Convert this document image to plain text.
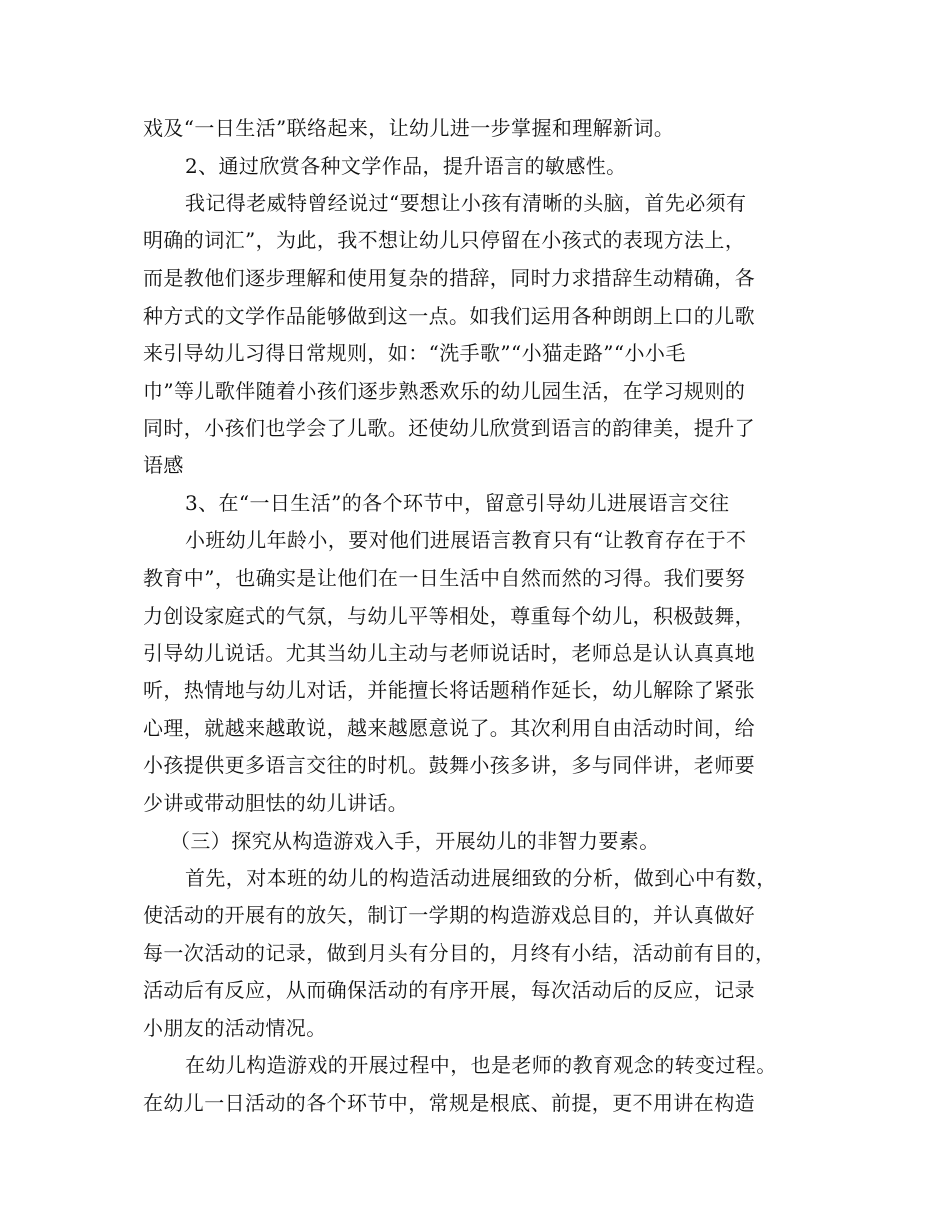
戏及“一日生活”联络起来，让幼儿进一步掌握和理解新词。
2、通过欣赏各种文学作品，提升语言的敏感性。
我记得老威特曾经说过“要想让小孩有清晰的头脑，首先必须有
明确的词汇”，为此，我不想让幼儿只停留在小孩式的表现方法上，
而是教他们逐步理解和使用复杂的措辞，同时力求措辞生动精确，各
种方式的文学作品能够做到这一点。如我们运用各种朗朗上口的儿歌
来引导幼儿习得日常规则，如：“洗手歌”“小猫走路”“小小毛
巾”等儿歌伴随着小孩们逐步熟悉欢乐的幼儿园生活，在学习规则的
同时，小孩们也学会了儿歌。还使幼儿欣赏到语言的韵律美，提升了
语感
3、在“一日生活”的各个环节中，留意引导幼儿进展语言交往
小班幼儿年龄小，要对他们进展语言教育只有“让教育存在于不
教育中”，也确实是让他们在一日生活中自然而然的习得。我们要努
力创设家庭式的气氛，与幼儿平等相处，尊重每个幼儿，积极鼓舞，
引导幼儿说话。尤其当幼儿主动与老师说话时，老师总是认认真真地
听，热情地与幼儿对话，并能擅长将话题稍作延长，幼儿解除了紧张
心理，就越来越敢说，越来越愿意说了。其次利用自由活动时间，给
小孩提供更多语言交往的时机。鼓舞小孩多讲，多与同伴讲，老师要
少讲或带动胆怯的幼儿讲话。
（三）探究从构造游戏入手，开展幼儿的非智力要素。
首先，对本班的幼儿的构造活动进展细致的分析，做到心中有数，
使活动的开展有的放矢，制订一学期的构造游戏总目的，并认真做好
每一次活动的记录，做到月头有分目的，月终有小结，活动前有目的，
活动后有反应，从而确保活动的有序开展，每次活动后的反应，记录
小朋友的活动情况。
在幼儿构造游戏的开展过程中，也是老师的教育观念的转变过程。
在幼儿一日活动的各个环节中，常规是根底、前提，更不用讲在构造
